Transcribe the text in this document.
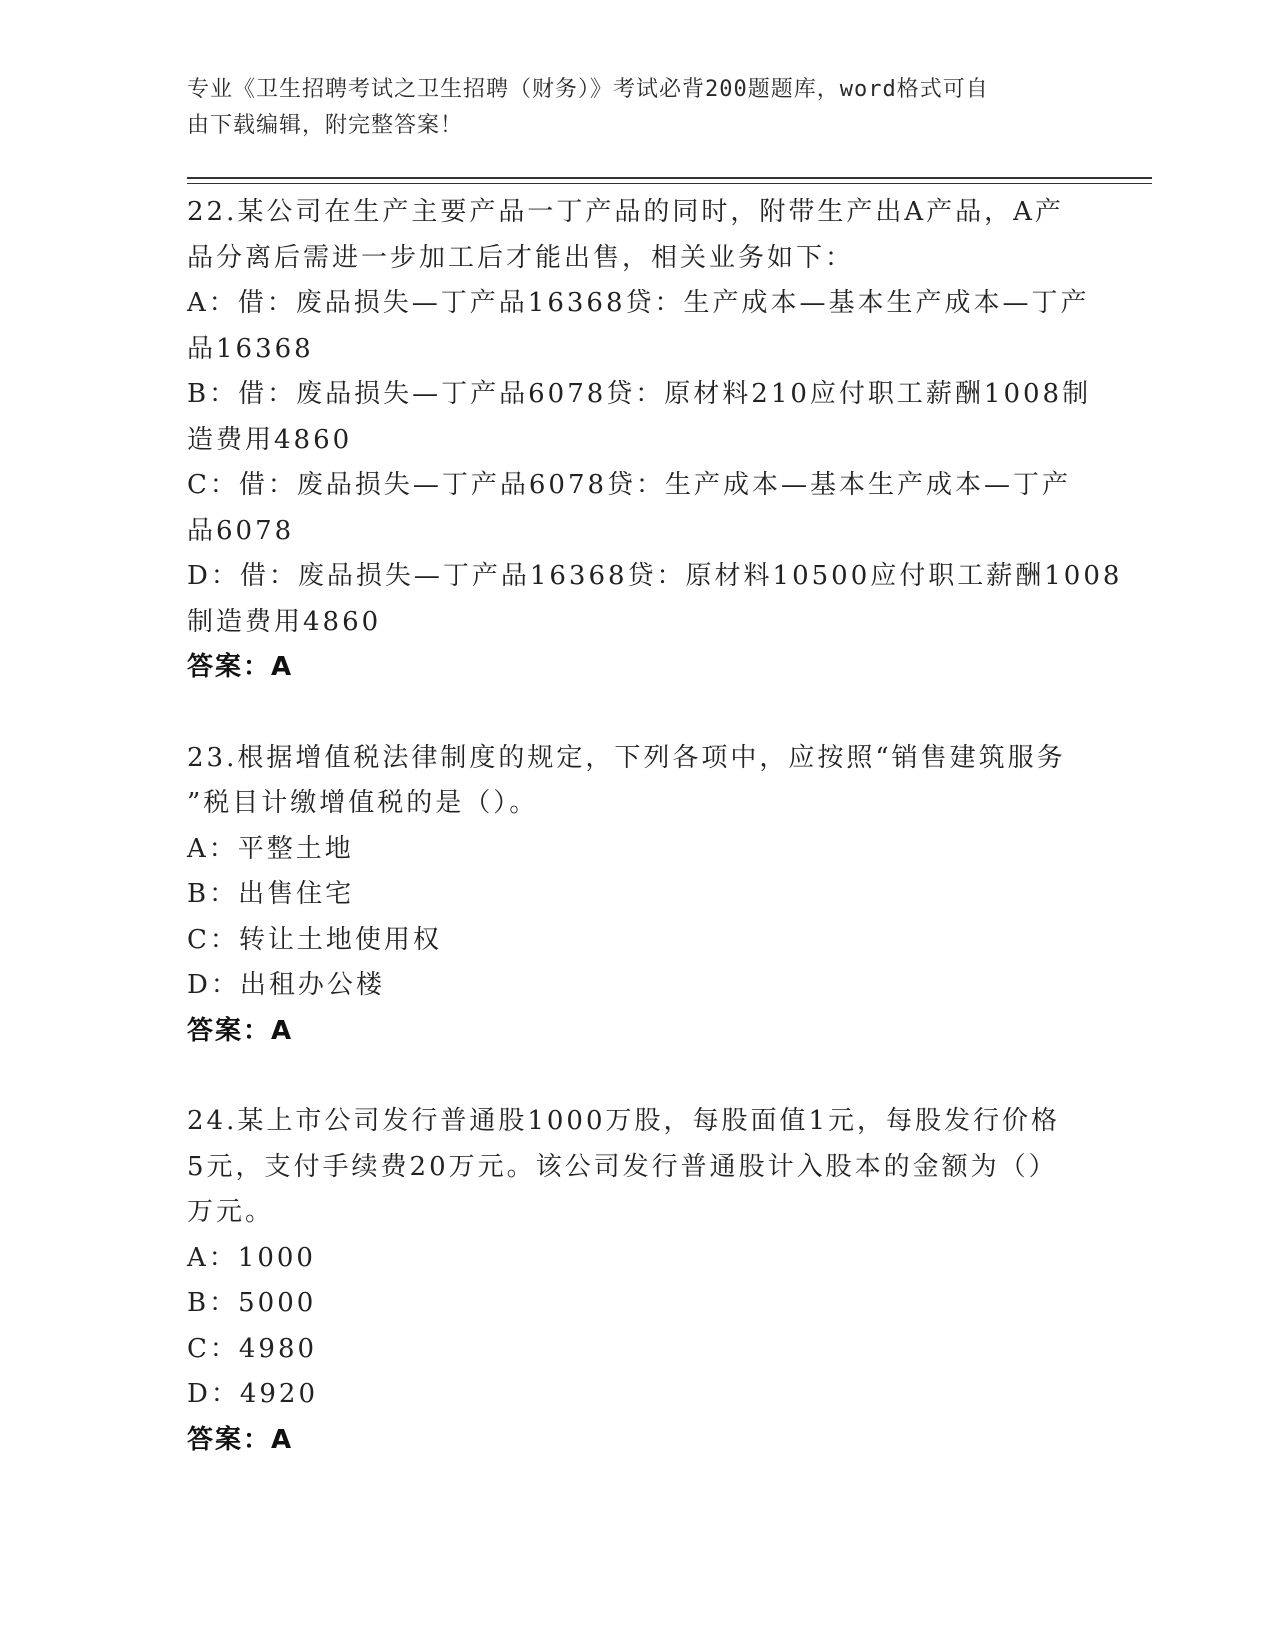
专业《卫生招聘考试之卫生招聘（财务）》考试必背200题题库，word格式可自
由下载编辑，附完整答案！
22.某公司在生产主要产品一丁产品的同时，附带生产出A产品，A产
品分离后需进一步加工后才能出售，相关业务如下：
A：借：废品损失—丁产品16368贷：生产成本—基本生产成本—丁产
品16368
B：借：废品损失—丁产品6078贷：原材料210应付职工薪酬1008制
造费用4860
C：借：废品损失—丁产品6078贷：生产成本—基本生产成本—丁产
品6078
D：借：废品损失—丁产品16368贷：原材料10500应付职工薪酬1008
制造费用4860
答案：A
23.根据增值税法律制度的规定，下列各项中，应按照“销售建筑服务
”税目计缴增值税的是（）。
A：平整土地
B：出售住宅
C：转让土地使用权
D：出租办公楼
答案：A
24.某上市公司发行普通股1000万股，每股面值1元，每股发行价格
5元，支付手续费20万元。该公司发行普通股计入股本的金额为（）
万元。
A：1000
B：5000
C：4980
D：4920
答案：A
